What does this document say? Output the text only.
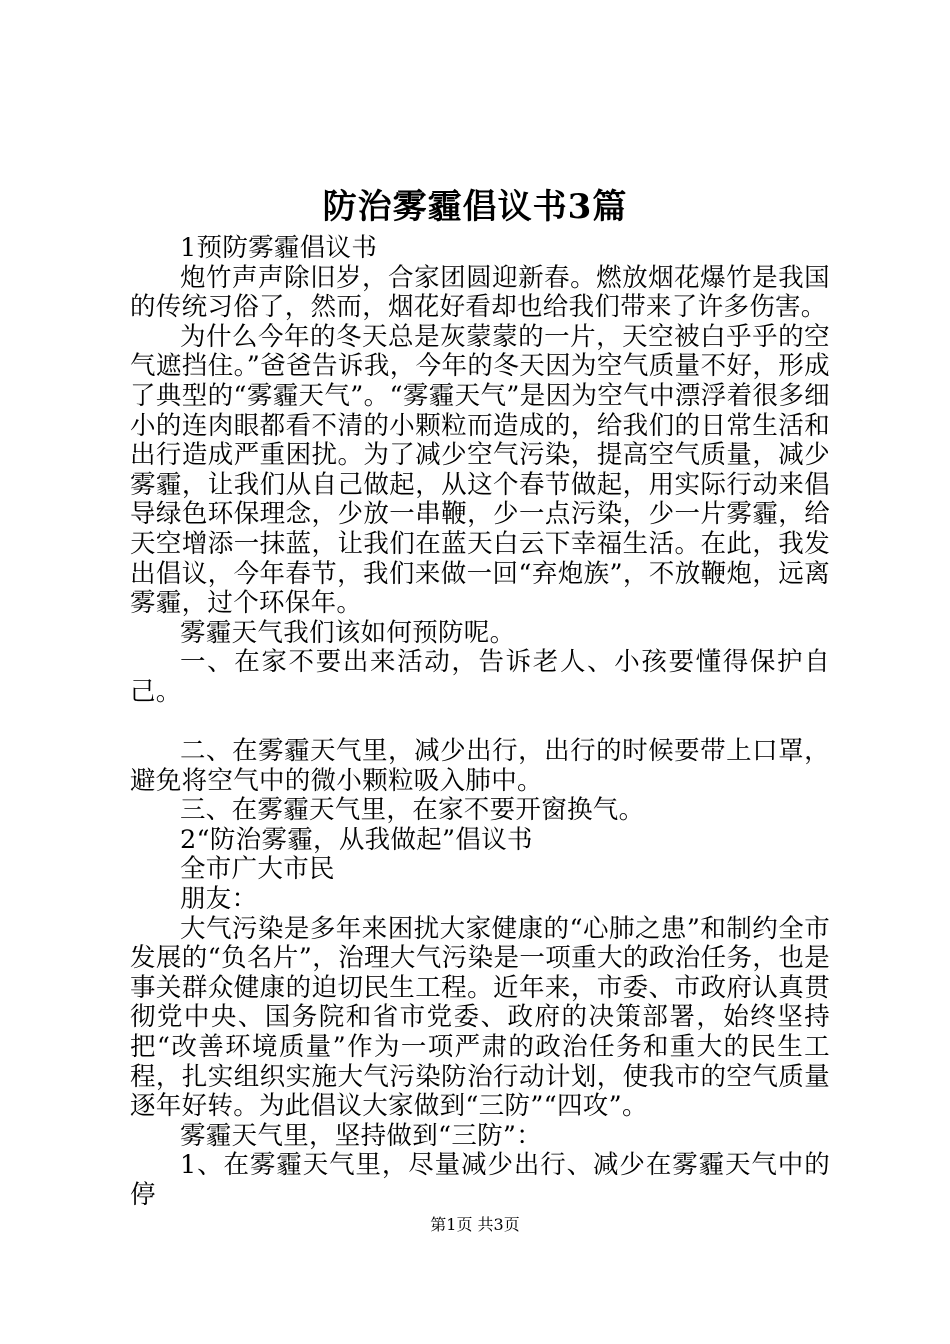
防治雾霾倡议书3篇

1预防雾霾倡议书

炮竹声声除旧岁，合家团圆迎新春。燃放烟花爆竹是我国的传统习俗了，然而，烟花好看却也给我们带来了许多伤害。

为什么今年的冬天总是灰蒙蒙的一片，天空被白乎乎的空气遮挡住。”爸爸告诉我，今年的冬天因为空气质量不好，形成了典型的“雾霾天气”。“雾霾天气”是因为空气中漂浮着很多细小的连肉眼都看不清的小颗粒而造成的，给我们的日常生活和出行造成严重困扰。为了减少空气污染，提高空气质量，减少雾霾，让我们从自己做起，从这个春节做起，用实际行动来倡导绿色环保理念，少放一串鞭，少一点污染，少一片雾霾，给天空增添一抹蓝，让我们在蓝天白云下幸福生活。在此，我发出倡议，今年春节，我们来做一回“弃炮族”，不放鞭炮，远离雾霾，过个环保年。

雾霾天气我们该如何预防呢。

一、在家不要出来活动，告诉老人、小孩要懂得保护自己。

二、在雾霾天气里，减少出行，出行的时候要带上口罩，避免将空气中的微小颗粒吸入肺中。

三、在雾霾天气里，在家不要开窗换气。

2“防治雾霾，从我做起”倡议书

全市广大市民

朋友：

大气污染是多年来困扰大家健康的“心肺之患”和制约全市发展的“负名片”，治理大气污染是一项重大的政治任务，也是事关群众健康的迫切民生工程。近年来，市委、市政府认真贯彻党中央、国务院和省市党委、政府的决策部署，始终坚持把“改善环境质量”作为一项严肃的政治任务和重大的民生工程，扎实组织实施大气污染防治行动计划，使我市的空气质量逐年好转。为此倡议大家做到“三防”“四攻”。

雾霾天气里，坚持做到“三防”：

1、在雾霾天气里，尽量减少出行、减少在雾霾天气中的停

第1页 共3页
